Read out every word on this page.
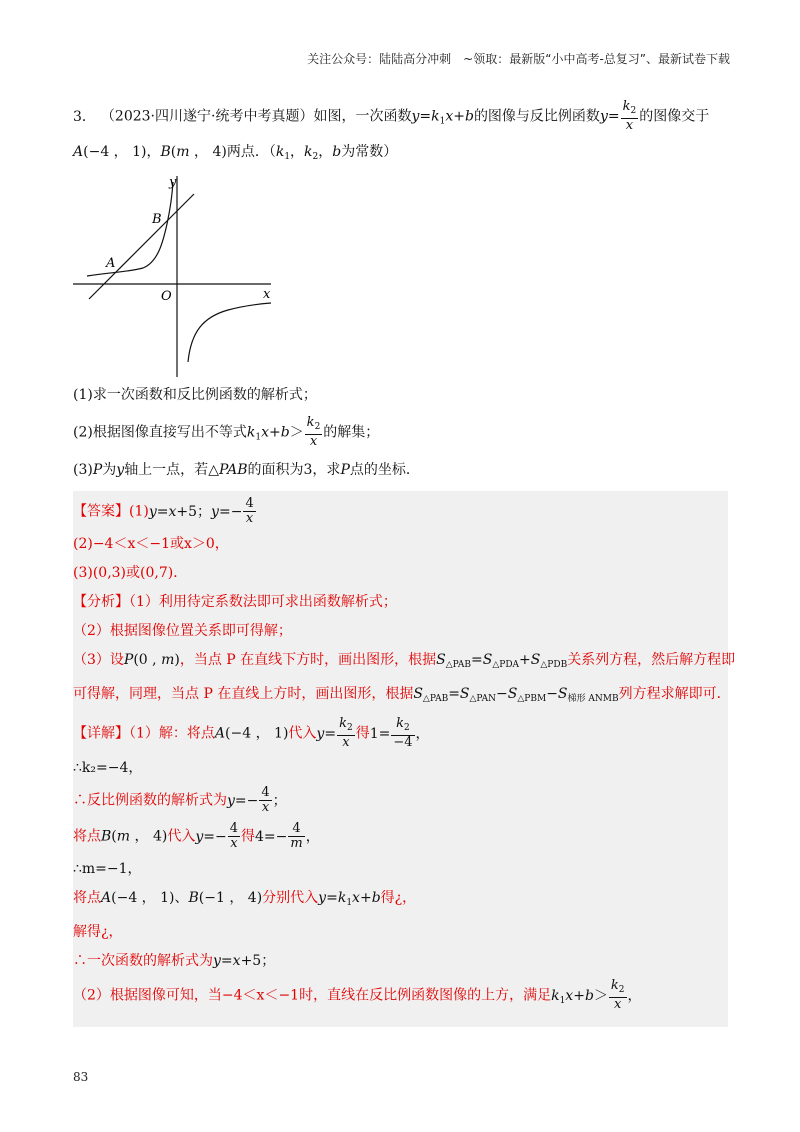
关注公众号：陆陆高分冲刺　~领取：最新版“小中高考-总复习”、最新试卷下载
3． （2023·四川遂宁·统考中考真题）如图，一次函数$y=k_1x+b$的图像与反比例函数$y= \frac{k_2}{x}$ 的图像交于
A(−4 ， 1)，B(m ， 4)两点．（$k_1$，$k_2$，b为常数）
x
y
O
A
B
(1)求一次函数和反比例函数的解析式；
(2)根据图像直接写出不等式$k_1x+b> \frac{k_2}{x}$ 的解集；
(3)P为y轴上一点，若△PAB的面积为3，求P点的坐标．
【答案】(1)y=x+5；$y=- \frac{4}{x}$
(2)−4＜x＜−1或x＞0，
(3)(0,3)或(0,7)．
【分析】（1）利用待定系数法即可求出函数解析式；
（2）根据图像位置关系即可得解；
（3）设P(0 , m)，当点 P 在直线下方时，画出图形，根据$S_{\triangle PAB}=S_{\triangle PDA}+S_{\triangle PDB}$关系列方程，然后解方程即
可得解，同理，当点 P 在直线上方时，画出图形，根据$S_{\triangle PAB}=S_{\triangle PAN}-S_{\triangle PBM}-S_{梯形 ANMB}$列方程求解即可．
【详解】（1）解：将点A(−4 ， 1)代入$y= \frac{k_2}{x}$ 得$1= \frac{k_2}{-4}$ ，
∴k₂=−4，
∴反比例函数的解析式为$y=- \frac{4}{x}$ ；
将点B(m ， 4)代入$y=- \frac{4}{x}$ 得$4=- \frac{4}{m}$ ，
∴m=−1，
将点A(−4 ， 1)、B(−1 ， 4)分别代入$y=k_1x+b$得¿，
解得¿，
∴一次函数的解析式为y=x+5；
（2）根据图像可知，当−4＜x＜−1时，直线在反比例函数图像的上方，满足$k_1x+b> \frac{k_2}{x}$ ，
83
